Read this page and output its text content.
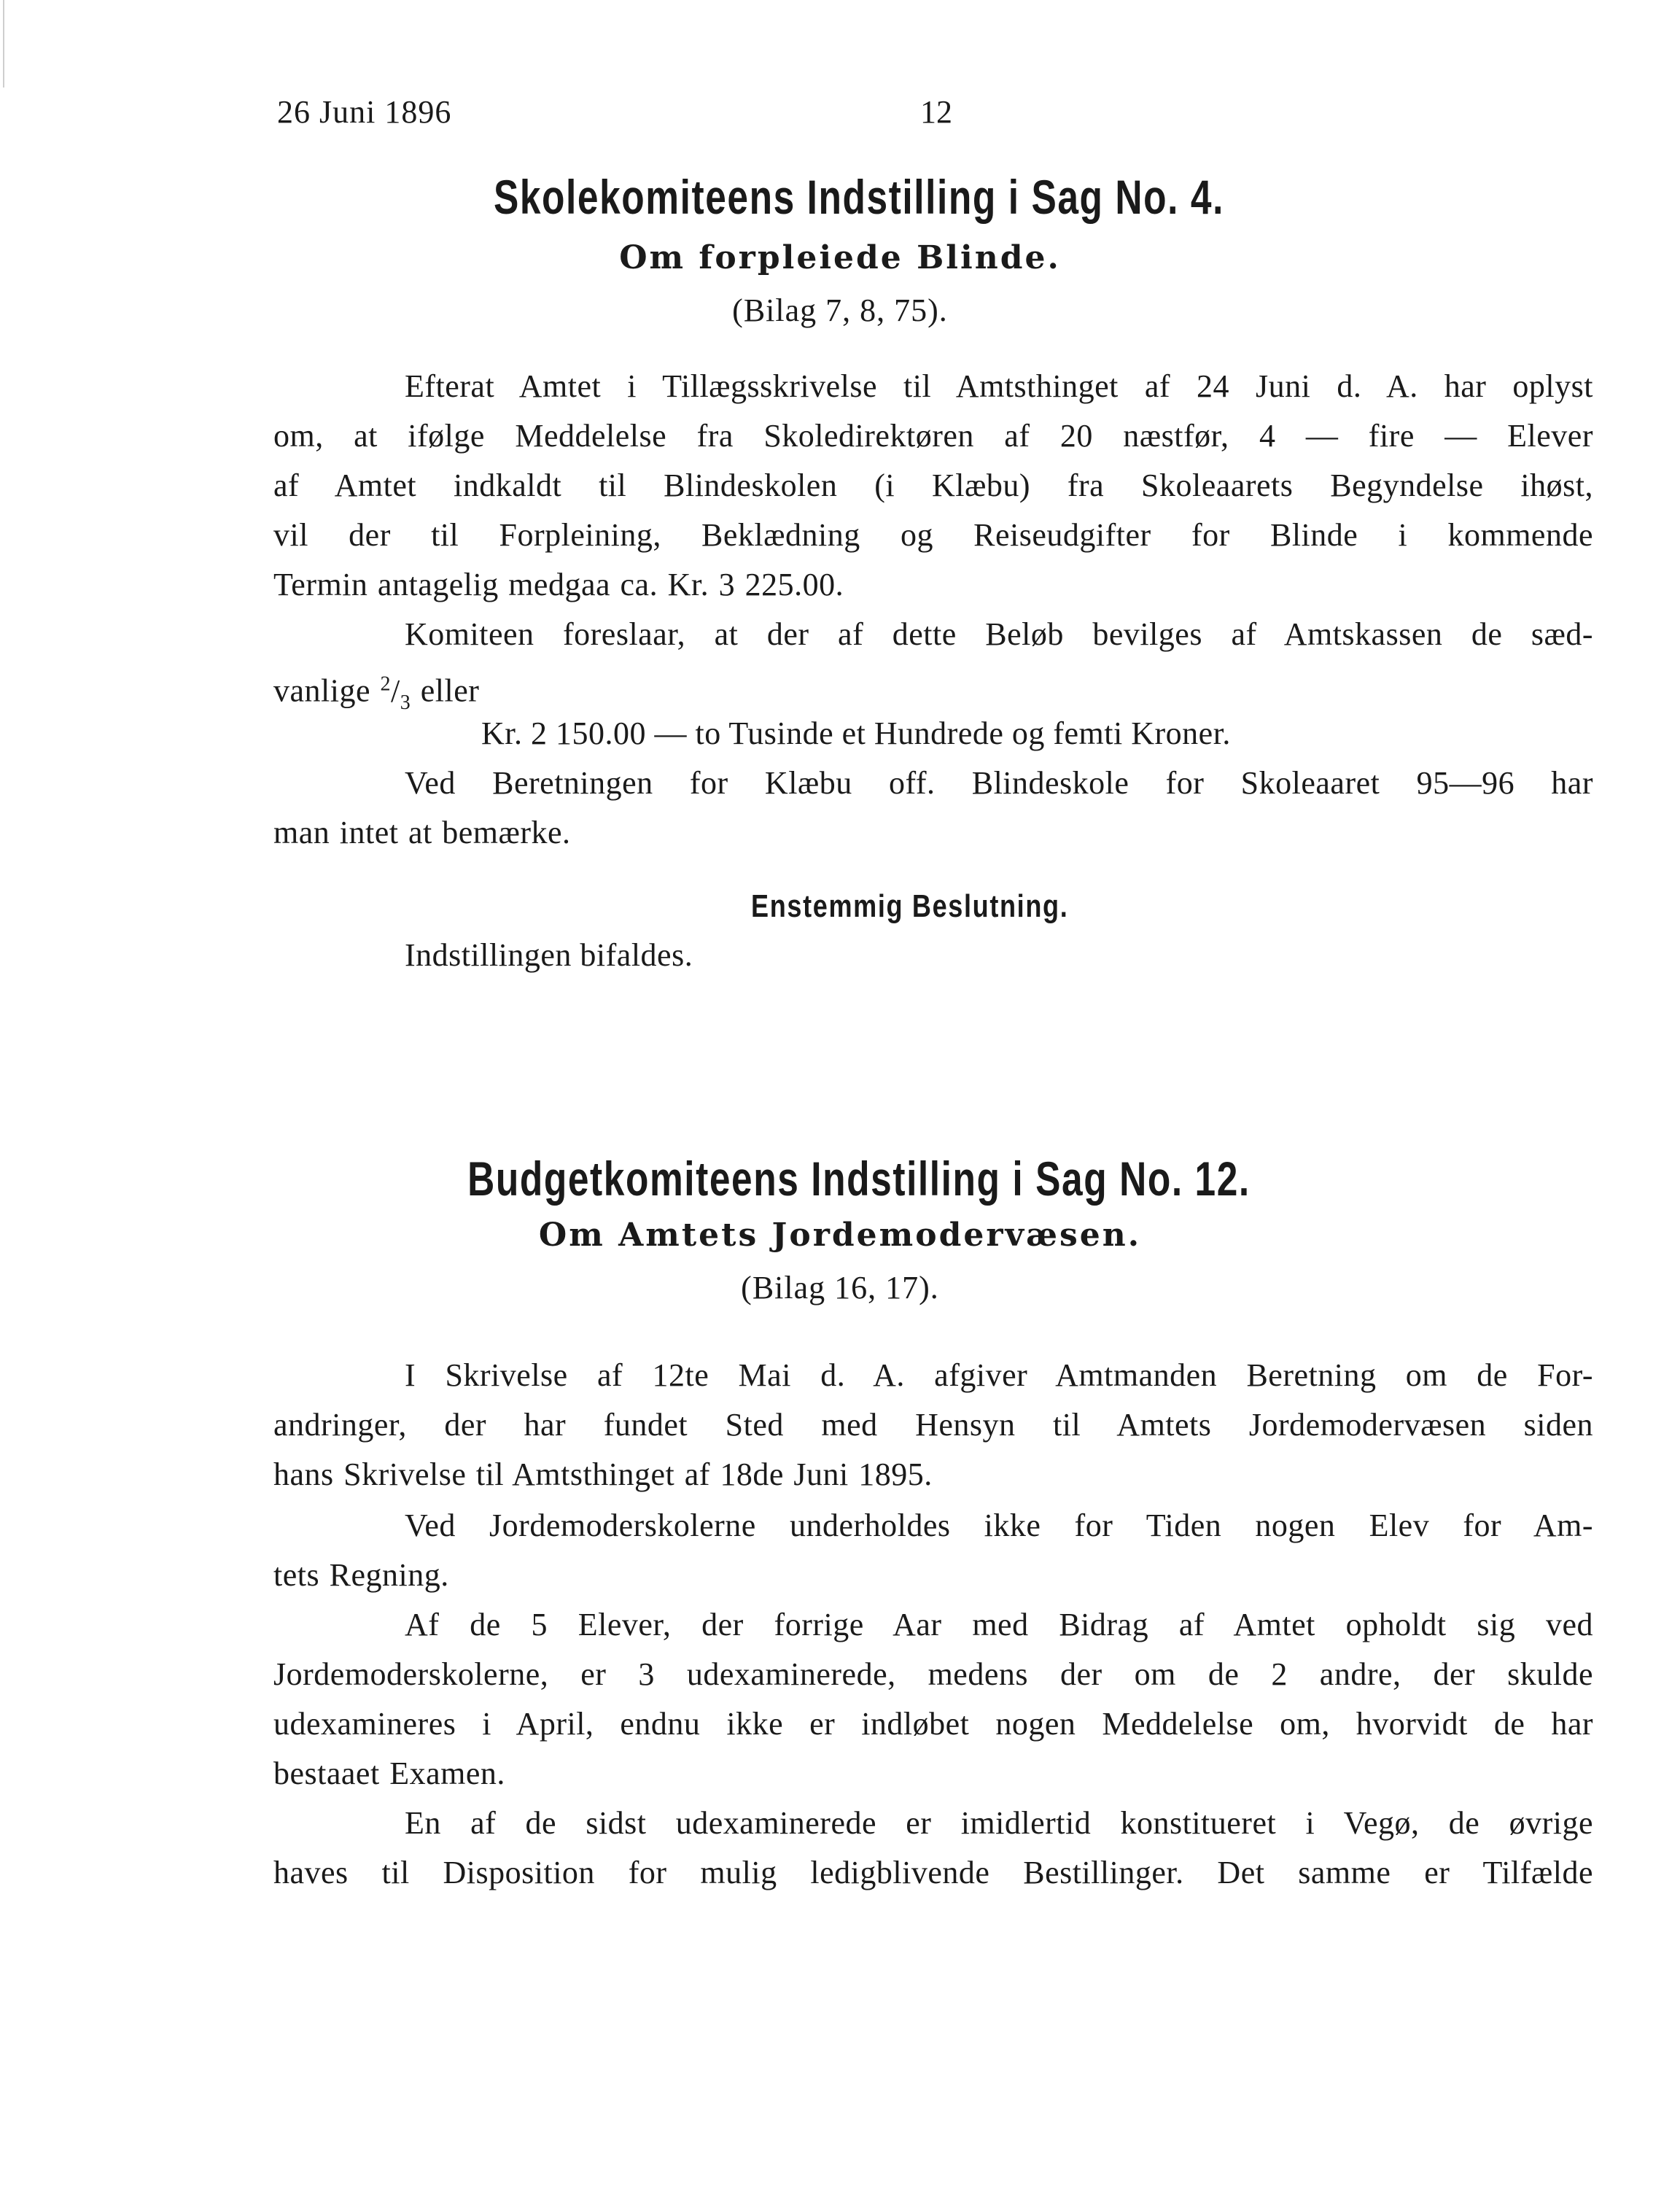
26 Juni 1896	12
Skolekomiteens Indstilling i Sag No. 4.
Om forpleiede Blinde.
(Bilag 7, 8, 75).
Efterat Amtet i Tillægsskrivelse til Amtsthinget af 24 Juni d. A. har oplyst
om, at ifølge Meddelelse fra Skoledirektøren af 20 næstfør, 4 — fire — Elever
af Amtet indkaldt til Blindeskolen (i Klæbu) fra Skoleaarets Begyndelse ihøst,
vil der til Forpleining, Beklædning og Reiseudgifter for Blinde i kommende
Termin antagelig medgaa ca. Kr. 3 225.00.
Komiteen foreslaar, at der af dette Beløb bevilges af Amtskassen de sæd-
vanlige $^2/_3$ eller
Kr. 2 150.00 — to Tusinde et Hundrede og femti Kroner.
Ved Beretningen for Klæbu off. Blindeskole for Skoleaaret 95—96 har
man intet at bemærke.
Enstemmig Beslutning.
Indstillingen bifaldes.
Budgetkomiteens Indstilling i Sag No. 12.
Om Amtets Jordemodervæsen.
(Bilag 16, 17).
I Skrivelse af 12te Mai d. A. afgiver Amtmanden Beretning om de For-
andringer, der har fundet Sted med Hensyn til Amtets Jordemodervæsen siden
hans Skrivelse til Amtsthinget af 18de Juni 1895.
Ved Jordemoderskolerne underholdes ikke for Tiden nogen Elev for Am-
tets Regning.
Af de 5 Elever, der forrige Aar med Bidrag af Amtet opholdt sig ved
Jordemoderskolerne, er 3 udexaminerede, medens der om de 2 andre, der skulde
udexamineres i April, endnu ikke er indløbet nogen Meddelelse om, hvorvidt de har
bestaaet Examen.
En af de sidst udexaminerede er imidlertid konstitueret i Vegø, de øvrige
haves til Disposition for mulig ledigblivende Bestillinger. Det samme er Tilfælde
